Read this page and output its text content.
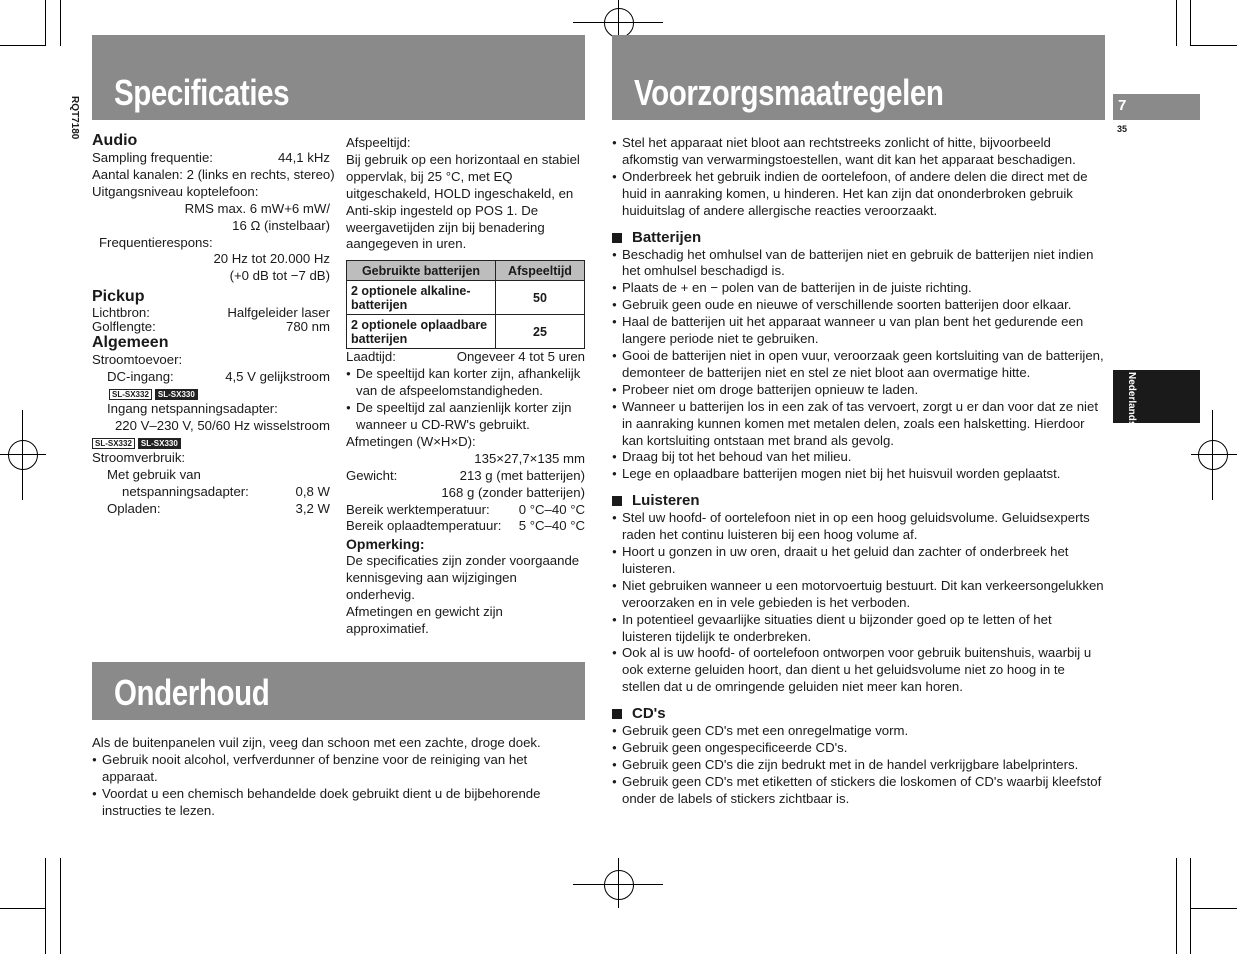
RQT7180
Specificaties	Voorzorgsmaatregelen	7
35
Nederlands
Audio
Sampling frequentie:	44,1 kHz
Aantal kanalen: 2 (links en rechts, stereo)
Uitgangsniveau koptelefoon:
RMS max. 6 mW+6 mW/
16 Ω (instelbaar)
Frequentierespons:
20 Hz tot 20.000 Hz
(+0 dB tot −7 dB)
Pickup
Lichtbron:	Halfgeleider laser
Golflengte:	780 nm
Algemeen
Stroomtoevoer:
DC-ingang:	4,5 V gelijkstroom
SL-SX332 SL-SX330
Ingang netspanningsadapter:
220 V–230 V, 50/60 Hz wisselstroom
SL-SX332 SL-SX330
Stroomverbruik:
Met gebruik van
netspanningsadapter:	0,8 W
Opladen:	3,2 W
Afspeeltijd:
Bij gebruik op een horizontaal en stabiel oppervlak, bij 25 °C, met EQ uitgeschakeld, HOLD ingeschakeld, en Anti-skip ingesteld op POS 1. De weergavetijden zijn bij benadering aangegeven in uren.
Gebruikte batterijen	Afspeeltijd
2 optionele alkaline-batterijen	50
2 optionele oplaadbare batterijen	25
Laadtijd:	Ongeveer 4 tot 5 uren
● De speeltijd kan korter zijn, afhankelijk van de afspeelomstandigheden.
● De speeltijd zal aanzienlijk korter zijn wanneer u CD-RW's gebruikt.
Afmetingen (W×H×D):
135×27,7×135 mm
Gewicht:	213 g (met batterijen)
168 g (zonder batterijen)
Bereik werktemperatuur: 0 °C–40 °C
Bereik oplaadtemperatuur: 5 °C–40 °C
Opmerking:
De specificaties zijn zonder voorgaande kennisgeving aan wijzigingen onderhevig.
Afmetingen en gewicht zijn approximatief.
Onderhoud
Als de buitenpanelen vuil zijn, veeg dan schoon met een zachte, droge doek.
● Gebruik nooit alcohol, verfverdunner of benzine voor de reiniging van het apparaat.
● Voordat u een chemisch behandelde doek gebruikt dient u de bijbehorende instructies te lezen.
● Stel het apparaat niet bloot aan rechtstreeks zonlicht of hitte, bijvoorbeeld afkomstig van verwarmingstoestellen, want dit kan het apparaat beschadigen.
● Onderbreek het gebruik indien de oortelefoon, of andere delen die direct met de huid in aanraking komen, u hinderen. Het kan zijn dat ononderbroken gebruik huiduitslag of andere allergische reacties veroorzaakt.
Batterijen
● Beschadig het omhulsel van de batterijen niet en gebruik de batterijen niet indien het omhulsel beschadigd is.
● Plaats de + en − polen van de batterijen in de juiste richting.
● Gebruik geen oude en nieuwe of verschillende soorten batterijen door elkaar.
● Haal de batterijen uit het apparaat wanneer u van plan bent het gedurende een langere periode niet te gebruiken.
● Gooi de batterijen niet in open vuur, veroorzaak geen kortsluiting van de batterijen, demonteer de batterijen niet en stel ze niet bloot aan overmatige hitte.
● Probeer niet om droge batterijen opnieuw te laden.
● Wanneer u batterijen los in een zak of tas vervoert, zorgt u er dan voor dat ze niet in aanraking kunnen komen met metalen delen, zoals een halsketting. Hierdoor kan kortsluiting ontstaan met brand als gevolg.
● Draag bij tot het behoud van het milieu.
● Lege en oplaadbare batterijen mogen niet bij het huisvuil worden geplaatst.
Luisteren
● Stel uw hoofd- of oortelefoon niet in op een hoog geluidsvolume. Geluidsexperts raden het continu luisteren bij een hoog volume af.
● Hoort u gonzen in uw oren, draait u het geluid dan zachter of onderbreek het luisteren.
● Niet gebruiken wanneer u een motorvoertuig bestuurt. Dit kan verkeersongelukken veroorzaken en in vele gebieden is het verboden.
● In potentieel gevaarlijke situaties dient u bijzonder goed op te letten of het luisteren tijdelijk te onderbreken.
● Ook al is uw hoofd- of oortelefoon ontworpen voor gebruik buitenshuis, waarbij u ook externe geluiden hoort, dan dient u het geluidsvolume niet zo hoog in te stellen dat u de omringende geluiden niet meer kan horen.
CD's
● Gebruik geen CD's met een onregelmatige vorm.
● Gebruik geen ongespecificeerde CD's.
● Gebruik geen CD's die zijn bedrukt met in de handel verkrijgbare labelprinters.
● Gebruik geen CD's met etiketten of stickers die loskomen of CD's waarbij kleefstof onder de labels of stickers zichtbaar is.
